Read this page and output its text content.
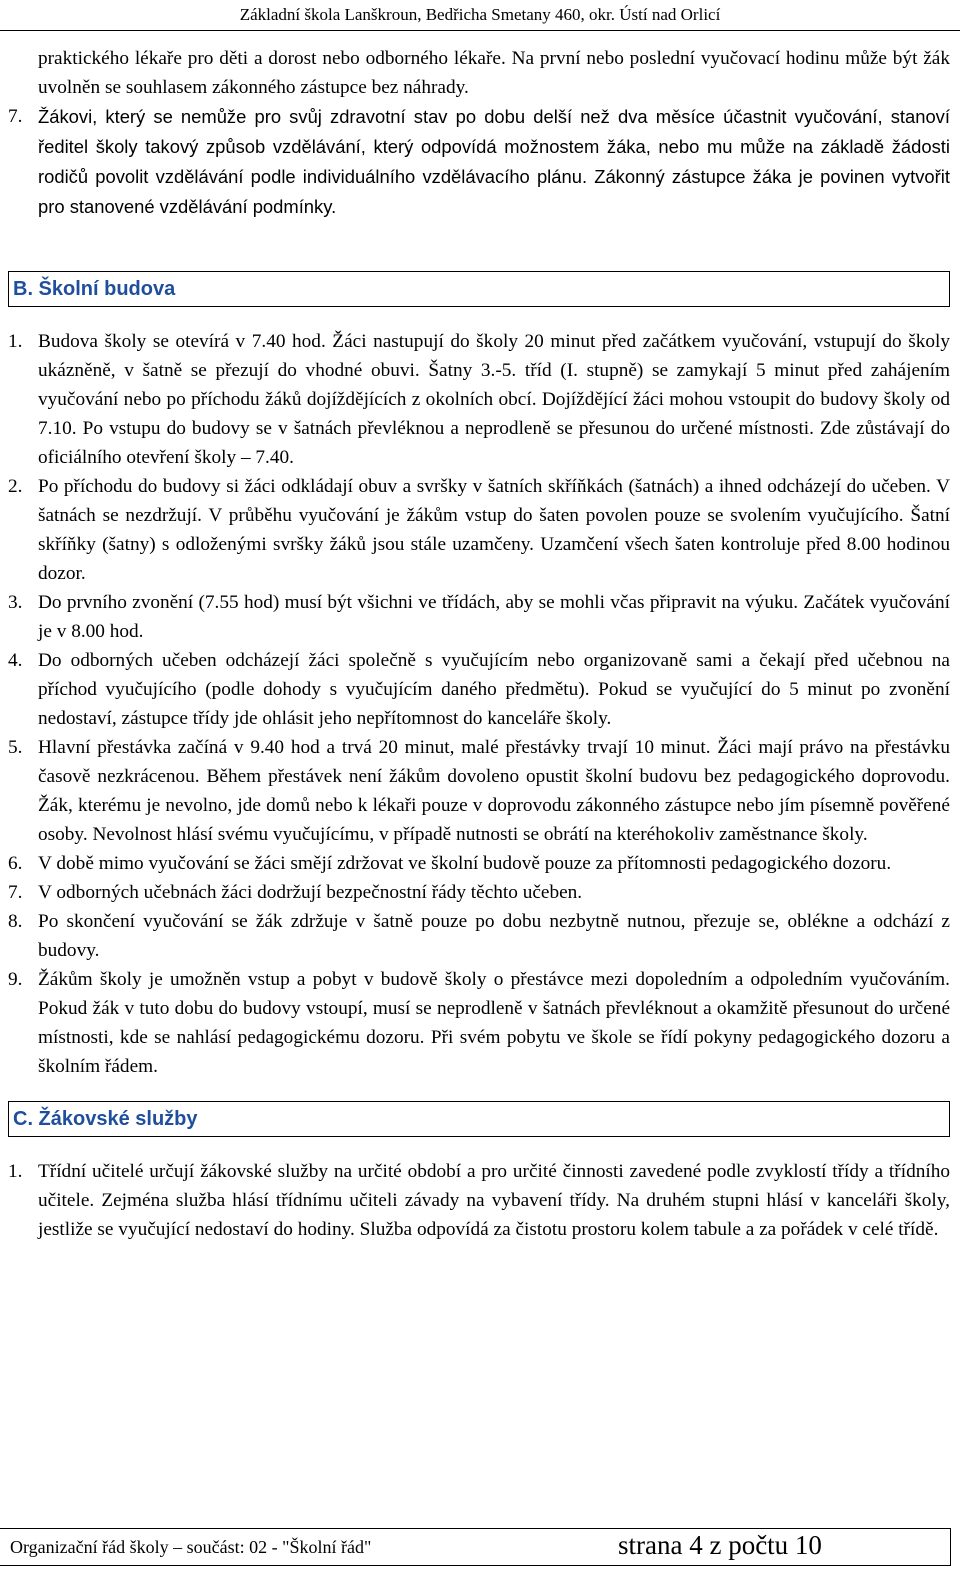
Základní škola Lanškroun, Bedřicha Smetany 460, okr. Ústí nad Orlicí

praktického lékaře pro děti a dorost nebo odborného lékaře. Na první nebo poslední vyučovací hodinu může být žák uvolněn se souhlasem zákonného zástupce bez náhrady.

7. Žákovi, který se nemůže pro svůj zdravotní stav po dobu delší než dva měsíce účastnit vyučování, stanoví ředitel školy takový způsob vzdělávání, který odpovídá možnostem žáka, nebo mu může na základě žádosti rodičů povolit vzdělávání podle individuálního vzdělávacího plánu. Zákonný zástupce žáka je povinen vytvořit pro stanovené vzdělávání podmínky.
B. Školní budova
1. Budova školy se otevírá v 7.40 hod. Žáci nastupují do školy 20 minut před začátkem vyučování, vstupují do školy ukázněně, v šatně se přezují do vhodné obuvi. Šatny 3.-5. tříd (I. stupně) se zamykají 5 minut před zahájením vyučování nebo po příchodu žáků dojíždějících z okolních obcí. Dojíždějící žáci mohou vstoupit do budovy školy od 7.10. Po vstupu do budovy se v šatnách převléknou a neprodleně se přesunou do určené místnosti. Zde zůstávají do oficiálního otevření školy – 7.40.
2. Po příchodu do budovy si žáci odkládají obuv a svršky v šatních skříňkách (šatnách) a ihned odcházejí do učeben. V šatnách se nezdržují. V průběhu vyučování je žákům vstup do šaten povolen pouze se svolením vyučujícího. Šatní skříňky (šatny) s odloženými svršky žáků jsou stále uzamčeny. Uzamčení všech šaten kontroluje před 8.00 hodinou dozor.
3. Do prvního zvonění (7.55 hod) musí být všichni ve třídách, aby se mohli včas připravit na výuku. Začátek vyučování je v 8.00 hod.
4. Do odborných učeben odcházejí žáci společně s vyučujícím nebo organizovaně sami a čekají před učebnou na příchod vyučujícího (podle dohody s vyučujícím daného předmětu). Pokud se vyučující do 5 minut po zvonění nedostaví, zástupce třídy jde ohlásit jeho nepřítomnost do kanceláře školy.
5. Hlavní přestávka začíná v 9.40 hod a trvá 20 minut, malé přestávky trvají 10 minut. Žáci mají právo na přestávku časově nezkrácenou. Během přestávek není žákům dovoleno opustit školní budovu bez pedagogického doprovodu. Žák, kterému je nevolno, jde domů nebo k lékaři pouze v doprovodu zákonného zástupce nebo jím písemně pověřené osoby. Nevolnost hlásí svému vyučujícímu, v případě nutnosti se obrátí na kteréhokoliv zaměstnance školy.
6. V době mimo vyučování se žáci smějí zdržovat ve školní budově pouze za přítomnosti pedagogického dozoru.
7. V odborných učebnách žáci dodržují bezpečnostní řády těchto učeben.
8. Po skončení vyučování se žák zdržuje v šatně pouze po dobu nezbytně nutnou, přezuje se, oblékne a odchází z budovy.
9. Žákům školy je umožněn vstup a pobyt v budově školy o přestávce mezi dopoledním a odpoledním vyučováním. Pokud žák v tuto dobu do budovy vstoupí, musí se neprodleně v šatnách převléknout a okamžitě přesunout do určené místnosti, kde se nahlásí pedagogickému dozoru. Při svém pobytu ve škole se řídí pokyny pedagogického dozoru a školním řádem.
C. Žákovské služby
1. Třídní učitelé určují žákovské služby na určité období a pro určité činnosti zavedené podle zvyklostí třídy a třídního učitele. Zejména služba hlásí třídnímu učiteli závady na vybavení třídy. Na druhém stupni hlásí v kanceláři školy, jestliže se vyučující nedostaví do hodiny. Služba odpovídá za čistotu prostoru kolem tabule a za pořádek v celé třídě.
Organizační řád školy – součást: 02 - "Školní řád"	strana 4 z počtu 10
